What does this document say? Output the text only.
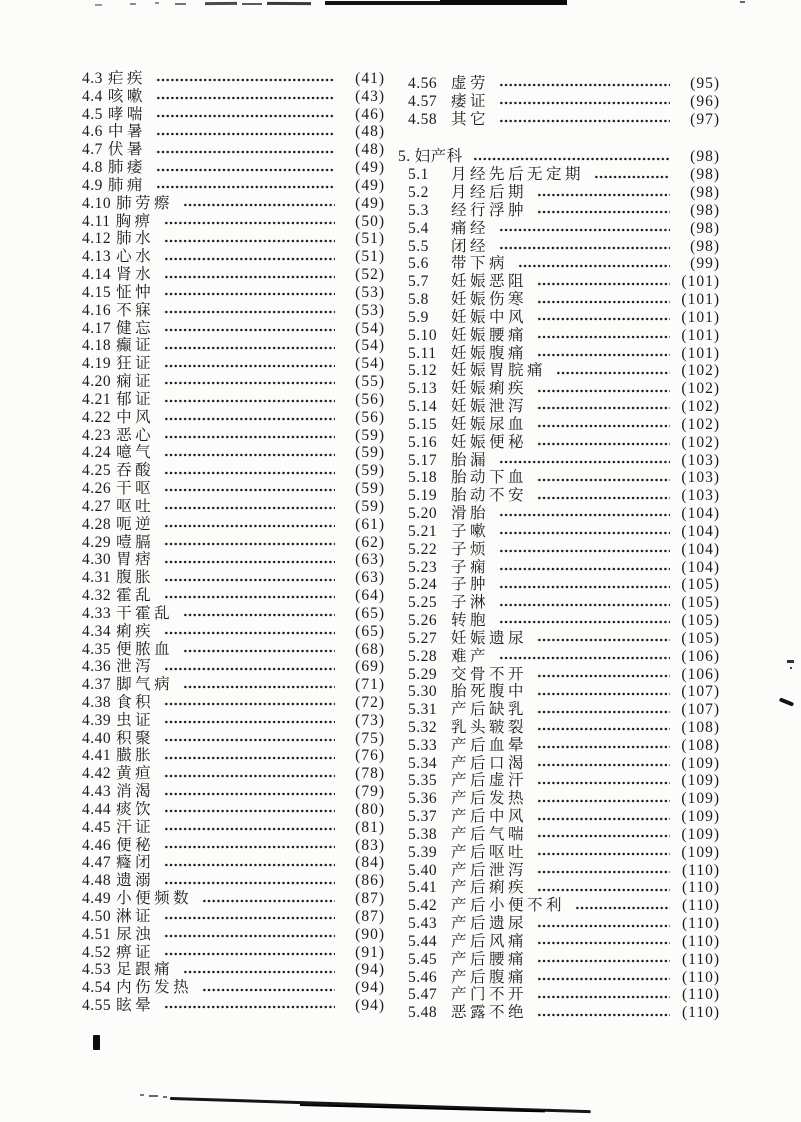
4.3 疟疾	(41)
4.4 咳嗽	(43)
4.5 哮喘	(46)
4.6 中暑	(48)
4.7 伏暑	(48)
4.8 肺痿	(49)
4.9 肺痈	(49)
4.10 肺劳瘵	(49)
4.11 胸痹	(50)
4.12 肺水	(51)
4.13 心水	(51)
4.14 肾水	(52)
4.15 怔忡	(53)
4.16 不寐	(53)
4.17 健忘	(54)
4.18 癫证	(54)
4.19 狂证	(54)
4.20 痫证	(55)
4.21 郁证	(56)
4.22 中风	(56)
4.23 恶心	(59)
4.24 噫气	(59)
4.25 吞酸	(59)
4.26 干呕	(59)
4.27 呕吐	(59)
4.28 呃逆	(61)
4.29 噎膈	(62)
4.30 胃痞	(63)
4.31 腹胀	(63)
4.32 霍乱	(64)
4.33 干霍乱	(65)
4.34 痢疾	(65)
4.35 便脓血	(68)
4.36 泄泻	(69)
4.37 脚气病	(71)
4.38 食积	(72)
4.39 虫证	(73)
4.40 积聚	(75)
4.41 臌胀	(76)
4.42 黄疸	(78)
4.43 消渴	(79)
4.44 痰饮	(80)
4.45 汗证	(81)
4.46 便秘	(83)
4.47 癃闭	(84)
4.48 遗溺	(86)
4.49 小便频数	(87)
4.50 淋证	(87)
4.51 尿浊	(90)
4.52 痹证	(91)
4.53 足跟痛	(94)
4.54 内伤发热	(94)
4.55 眩晕	(94)
4.56 虚劳	(95)
4.57 痿证	(96)
4.58 其它	(97)
5. 妇产科	(98)
5.1	月经先后无定期	(98)
5.2	月经后期	(98)
5.3	经行浮肿	(98)
5.4	痛经	(98)
5.5	闭经	(98)
5.6	带下病	(99)
5.7	妊娠恶阻	(101)
5.8	妊娠伤寒	(101)
5.9	妊娠中风	(101)
5.10 妊娠腰痛	(101)
5.11 妊娠腹痛	(101)
5.12 妊娠胃脘痛	(102)
5.13 妊娠痢疾	(102)
5.14 妊娠泄泻	(102)
5.15 妊娠尿血	(102)
5.16 妊娠便秘	(102)
5.17 胎漏	(103)
5.18 胎动下血	(103)
5.19 胎动不安	(103)
5.20 滑胎	(104)
5.21 子嗽	(104)
5.22 子烦	(104)
5.23 子痫	(104)
5.24 子肿	(105)
5.25 子淋	(105)
5.26 转胞	(105)
5.27 妊娠遗尿	(105)
5.28 难产	(106)
5.29 交骨不开	(106)
5.30 胎死腹中	(107)
5.31 产后缺乳	(107)
5.32 乳头皲裂	(108)
5.33 产后血晕	(108)
5.34 产后口渴	(109)
5.35 产后虚汗	(109)
5.36 产后发热	(109)
5.37 产后中风	(109)
5.38 产后气喘	(109)
5.39 产后呕吐	(109)
5.40 产后泄泻	(110)
5.41 产后痢疾	(110)
5.42 产后小便不利	(110)
5.43 产后遗尿	(110)
5.44 产后风痛	(110)
5.45 产后腰痛	(110)
5.46 产后腹痛	(110)
5.47 产门不开	(110)
5.48 恶露不绝	(110)
